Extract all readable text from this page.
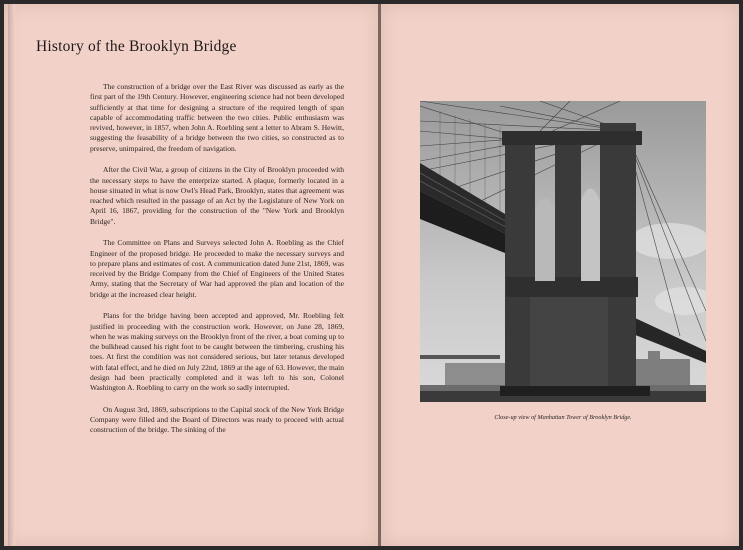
History of the Brooklyn Bridge

The construction of a bridge over the East River was discussed as early as the first part of the 19th Century. However, engineering science had not been developed sufficiently at that time for designing a structure of the required length of span capable of accommodating traffic between the two cities. Public enthusiasm was revived, however, in 1857, when John A. Roebling sent a letter to Abram S. Hewitt, suggesting the feasability of a bridge between the two cities, so constructed as to preserve, unimpaired, the freedom of navigation.

After the Civil War, a group of citizens in the City of Brooklyn proceeded with the necessary steps to have the enterprize started. A plaque, formerly located in a house situated in what is now Owl's Head Park, Brooklyn, states that agreement was reached which resulted in the passage of an Act by the Legislature of New York on April 16, 1867, providing for the construction of the "New York and Brooklyn Bridge".

The Committee on Plans and Surveys selected John A. Roebling as the Chief Engineer of the proposed bridge. He proceeded to make the necessary surveys and to prepare plans and estimates of cost. A communication dated June 21st, 1869, was received by the Bridge Company from the Chief of Engineers of the United States Army, stating that the Secretary of War had approved the plan and location of the bridge at the increased clear height.

Plans for the bridge having been accepted and approved, Mr. Roebling felt justified in proceeding with the construction work. However, on June 28, 1869, when he was making surveys on the Brooklyn front of the river, a boat coming up to the bulkhead caused his right foot to be caught between the timbering, crushing his toes. At first the condition was not considered serious, but later tetanus developed with fatal effect, and he died on July 22nd, 1869 at the age of 63. However, the main design had been practically completed and it was left to his son, Colonel Washington A. Roebling to carry on the work so sadly interrupted.

On August 3rd, 1869, subscriptions to the Capital stock of the New York Bridge Company were filled and the Board of Directors was ready to proceed with actual construction of the bridge. The sinking of the

Close-up view of Manhattan Tower of Brooklyn Bridge.
